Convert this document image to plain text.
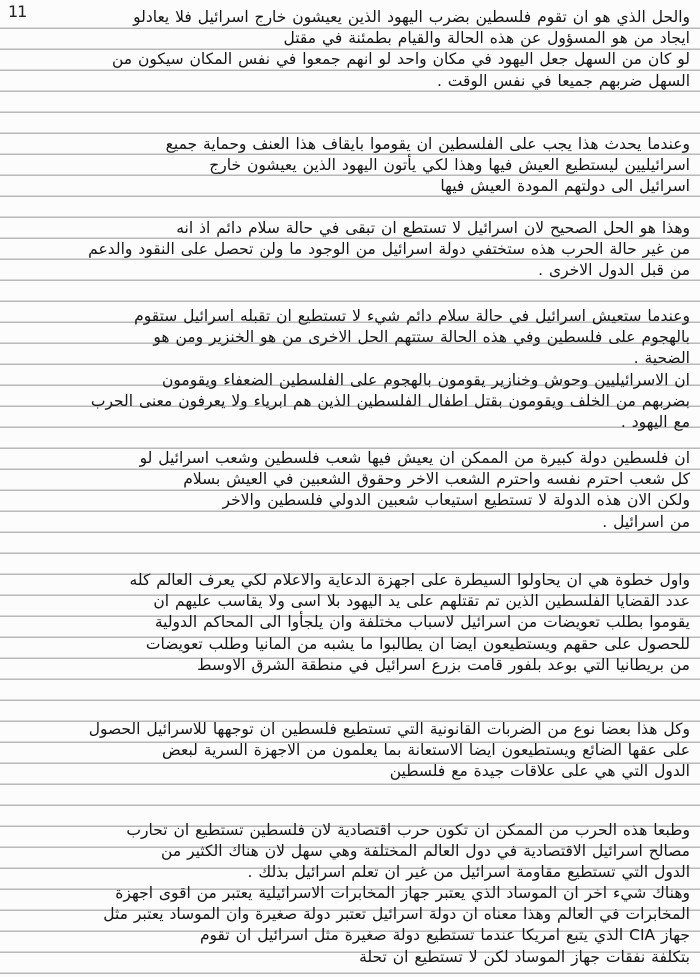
11	والحل الذي هو ان تقوم فلسطين بضرب اليهود الذين يعيشون خارج اسرائيل فلا يعادلو
ايجاد من هو المسؤول عن هذه الحالة والقيام بطمئنة في مقتل
لو كان من السهل جعل اليهود في مكان واحد لو انهم جمعوا في نفس المكان سيكون من
السهل ضربهم جميعا في نفس الوقت .
وعندما يحدث هذا يجب على الفلسطين ان يقوموا بايقاف هذا العنف وحماية جميع
اسرائيليين ليستطيع العيش فيها وهذا لكي يأتون اليهود الذين يعيشون خارج
اسرائيل الى دولتهم المودة العيش فيها
وهذا هو الحل الصحيح لان اسرائيل لا تستطع ان تبقى في حالة سلام دائم اذ انه
من غير حالة الحرب هذه ستختفي دولة اسرائيل من الوجود ما ولن تحصل على النقود والدعم
من قبل الدول الاخرى .
وعندما ستعيش اسرائيل في حالة سلام دائم شيء لا تستطيع ان تقبله اسرائيل ستقوم
بالهجوم على فلسطين وفي هذه الحالة ستتهم الحل الاخرى من هو الخنزير ومن هو
الضحية .
ان الاسرائيليين وحوش وخنازير يقومون بالهجوم على الفلسطين الضعفاء ويقومون
بضربهم من الخلف ويقومون بقتل اطفال الفلسطين الذين هم ابرياء ولا يعرفون معنى الحرب
مع اليهود .
ان فلسطين دولة كبيرة من الممكن ان يعيش فيها شعب فلسطين وشعب اسرائيل لو
كل شعب احترم نفسه واحترم الشعب الاخر وحقوق الشعبين في العيش بسلام
ولكن الان هذه الدولة لا تستطيع استيعاب شعبين الدولي فلسطين والاخر
من اسرائيل .
واول خطوة هي ان يحاولوا السيطرة على اجهزة الدعاية والاعلام لكي يعرف العالم كله
عدد القضايا الفلسطين الذين تم تقتلهم على يد اليهود بلا اسى ولا يقاسب عليهم ان
يقوموا بطلب تعويضات من اسرائيل لاسباب مختلفة وان يلجأوا الى المحاكم الدولية
للحصول على حقهم ويستطيعون ايضا ان يطالبوا ما يشبه من المانيا وطلب تعويضات
من بريطانيا التي بوعد بلفور قامت بزرع اسرائيل في منطقة الشرق الاوسط
وكل هذا بعضا نوع من الضربات القانونية التي تستطيع فلسطين ان توجهها للاسرائيل الحصول
على عقها الضائع ويستطيعون ايضا الاستعانة بما يعلمون من الاجهزة السرية لبعض
الدول التي هي على علاقات جيدة مع فلسطين
وطبعا هذه الحرب من الممكن ان تكون حرب اقتصادية لان فلسطين تستطيع ان تحارب
مصالح اسرائيل الاقتصادية في دول العالم المختلفة وهي سهل لان هناك الكثير من
الدول التي تستطيع مقاومة اسرائيل من غير ان تعلم اسرائيل بذلك .
وهناك شيء اخر ان الموساد الذي يعتبر جهاز المخابرات الاسرائيلية يعتبر من اقوى اجهزة
المخابرات في العالم وهذا معناه ان دولة اسرائيل تعتبر دولة صغيرة وان الموساد يعتبر مثل
جهاز CIA الذي يتبع امريكا عندما تستطيع دولة صغيرة مثل اسرائيل ان تقوم
بتكلفة نفقات جهاز الموساد لكن لا تستطيع ان تحلة
